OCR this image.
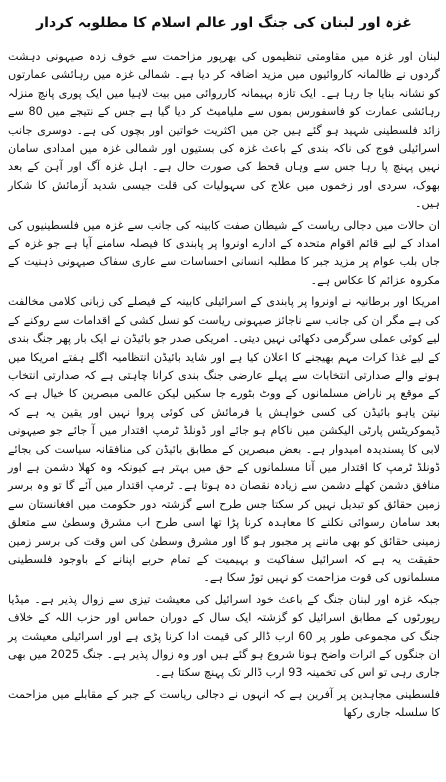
غزہ اور لبنان کی جنگ اور عالم اسلام کا مطلوبہ کردار

لبنان اور غزہ میں مقاومتی تنظیموں کی بھرپور مزاحمت سے خوف زدہ صیہونی دہشت گردوں نے ظالمانہ کاروائیوں میں مزید اضافہ کر دیا ہے۔ شمالی غزہ میں رہائشی عمارتوں کو نشانہ بنایا جا رہا ہے۔ ایک تازہ بہیمانہ کارروائی میں بیت لاہیا میں ایک پوری پانچ منزلہ رہائشی عمارت کو فاسفورس بموں سے ملیامیٹ کر دیا گیا ہے جس کے نتیجے میں 80 سے زائد فلسطینی شہید ہو گئے ہیں جن میں اکثریت خواتین اور بچوں کی ہے۔ دوسری جانب اسرائیلی فوج کی ناکہ بندی کے باعث غزہ کی بستیوں اور شمالی غزہ میں امدادی سامان نہیں پہنچ پا رہا جس سے وہاں قحط کی صورت حال ہے۔ اہل غزہ آگ اور آہن کے بعد بھوک، سردی اور زخموں میں علاج کی سہولیات کی قلت جیسی شدید آزمائش کا شکار ہیں۔

ان حالات میں دجالی ریاست کے شیطان صفت کابینہ کی جانب سے غزہ میں فلسطینیوں کی امداد کے لیے قائم اقوام متحدہ کے ادارے اونروا پر پابندی کا فیصلہ سامنے آیا ہے جو غزہ کے جاں بلب عوام پر مزید جبر کا مطلبہ انسانی احساسات سے عاری سفاک صیہونی ذہنیت کے مکروہ عزائم کا عکاس ہے۔

امریکا اور برطانیہ نے اونروا پر پابندی کے اسرائیلی کابینہ کے فیصلے کی زبانی کلامی مخالفت کی ہے مگر ان کی جانب سے ناجائز صیہونی ریاست کو نسل کشی کے اقدامات سے روکنے کے لیے کوئی عملی سرگرمی دکھائی نہیں دیتی۔ امریکی صدر جو بائیڈن نے ایک بار پھر جنگ بندی کے لیے غذا کرات مہم بھیجنے کا اعلان کیا ہے اور شاید بائیڈن انتظامیہ اگلے ہفتے امریکا میں ہونے والے صدارتی انتخابات سے پہلے عارضی جنگ بندی کرانا چاہتی ہے کہ صدارتی انتخاب کے موقع پر ناراض مسلمانوں کے ووٹ بٹورے جا سکیں لیکن عالمی مبصرین کا خیال ہے کہ نیتن یاہو بائیڈن کی کسی خواہش یا فرمائش کی کوئی پروا نہیں اور یقین یہ ہے کہ ڈیموکریٹس پارٹی الیکشن میں ناکام ہو جائے اور ڈونلڈ ٹرمپ اقتدار میں آ جائے جو صیہونی لابی کا پسندیدہ امیدوار ہے۔ بعض مبصرین کے مطابق بائیڈن کی منافقانہ سیاست کی بجائے ڈونلڈ ٹرمپ کا اقتدار میں آنا مسلمانوں کے حق میں بہتر ہے کیونکہ وہ کھلا دشمن ہے اور منافق دشمن کھلے دشمن سے زیادہ نقصان دہ ہوتا ہے۔ ٹرمپ اقتدار میں آئے گا تو وہ برسر زمین حقائق کو تبدیل نہیں کر سکتا جس طرح اسے گزشتہ دور حکومت میں افغانستان سے بعد سامان رسوائی نکلنے کا معاہدہ کرنا پڑا تھا اسی طرح اب مشرق وسطیٰ سے متعلق زمینی حقائق کو بھی ماننے پر مجبور ہو گا اور مشرق وسطیٰ کی اس وقت کی برسر زمین حقیقت یہ ہے کہ اسرائیل سفاکیت و بہیمیت کے تمام حربے اپنانے کے باوجود فلسطینی مسلمانوں کی قوت مزاحمت کو نہیں توڑ سکا ہے۔

جبکہ غزہ اور لبنان جنگ کے باعث خود اسرائیل کی معیشت تیزی سے زوال پذیر ہے۔ میڈیا رپورٹوں کے مطابق اسرائیل کو گزشتہ ایک سال کے دوران حماس اور حزب اللہ کے خلاف جنگ کی مجموعی طور پر 60 ارب ڈالر کی قیمت ادا کرنا پڑی ہے اور اسرائیلی معیشت پر ان جنگوں کے اثرات واضح ہونا شروع ہو گئے ہیں اور وہ زوال پذیر ہے۔ جنگ 2025 میں بھی جاری رہی تو اس کی تخمینہ 93 ارب ڈالر تک پہنچ سکتا ہے۔

فلسطینی مجاہدین پر آفرین ہے کہ انہوں نے دجالی ریاست کے جبر کے مقابلے میں مزاحمت کا سلسلہ جاری رکھا
